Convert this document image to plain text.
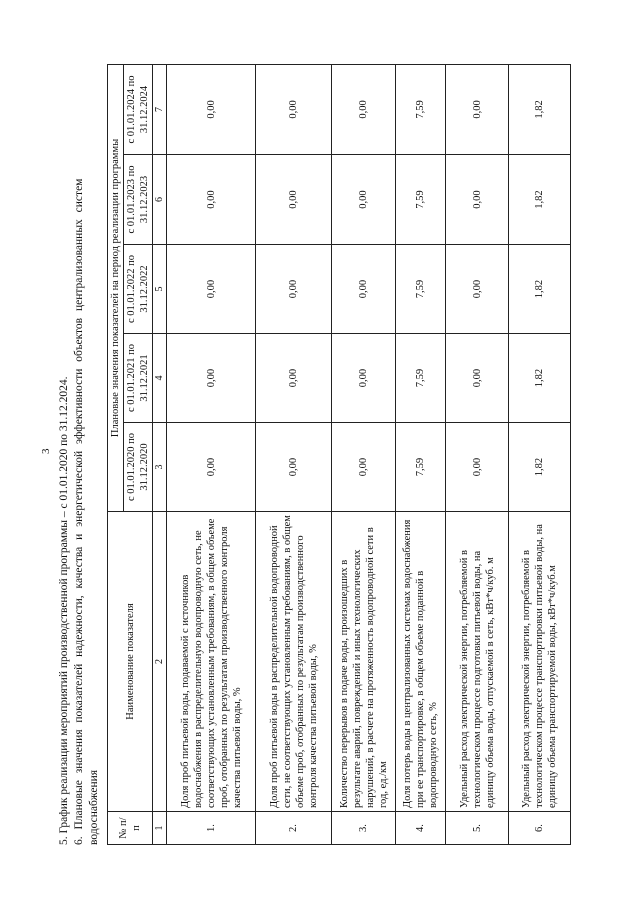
3 5. График реализации мероприятий производственной программы – с 01.01.2020 по 31.12.2024. 6. Плановые значения показателей надежности, качества и энергетической эффективности объектов централизованных систем водоснабжения № п/п	Наименование показателя	Плановые значения показателей на период реализации программы				
		с 01.01.2020 по 31.12.2020	с 01.01.2021 по 31.12.2021	с 01.01.2022 по 31.12.2022	с 01.01.2023 по 31.12.2023	с 01.01.2024 по 31.12.2024
1	2	3	4	5	6	7
1.	Доля проб питьевой воды, подаваемой с источников водоснабжения в распределительную водопроводную сеть, не соответствующих установленным требованиям, в общем объеме проб, отобранных по результатам производственного контроля качества питьевой воды, %	0,00	0,00	0,00	0,00	0,00
2.	Доля проб питьевой воды в распределительной водопроводной сети, не соответствующих установленным требованиям, в общем объеме проб, отобранных по результатам производственного контроля качества питьевой воды, %	0,00	0,00	0,00	0,00	0,00
3.	Количество перерывов в подаче воды, произошедших в результате аварий, повреждений и иных технологических нарушений, в расчете на протяженность водопроводной сети в год, ед./км	0,00	0,00	0,00	0,00	0,00
4.	Доля потерь воды в централизованных системах водоснабжения при ее транспортировке, в общем объеме поданной в водопроводную сеть, %	7,59	7,59	7,59	7,59	7,59
5.	Удельный расход электрической энергии, потребляемой в технологическом процессе подготовки питьевой воды, на единицу объема воды, отпускаемой в сеть, кВт*ч/куб. м	0,00	0,00	0,00	0,00	0,00
6.	Удельный расход электрической энергии, потребляемой в технологическом процессе транспортировки питьевой воды, на единицу объема транспортируемой воды, кВт*ч/куб.м	1,82	1,82	1,82	1,82	1,82
